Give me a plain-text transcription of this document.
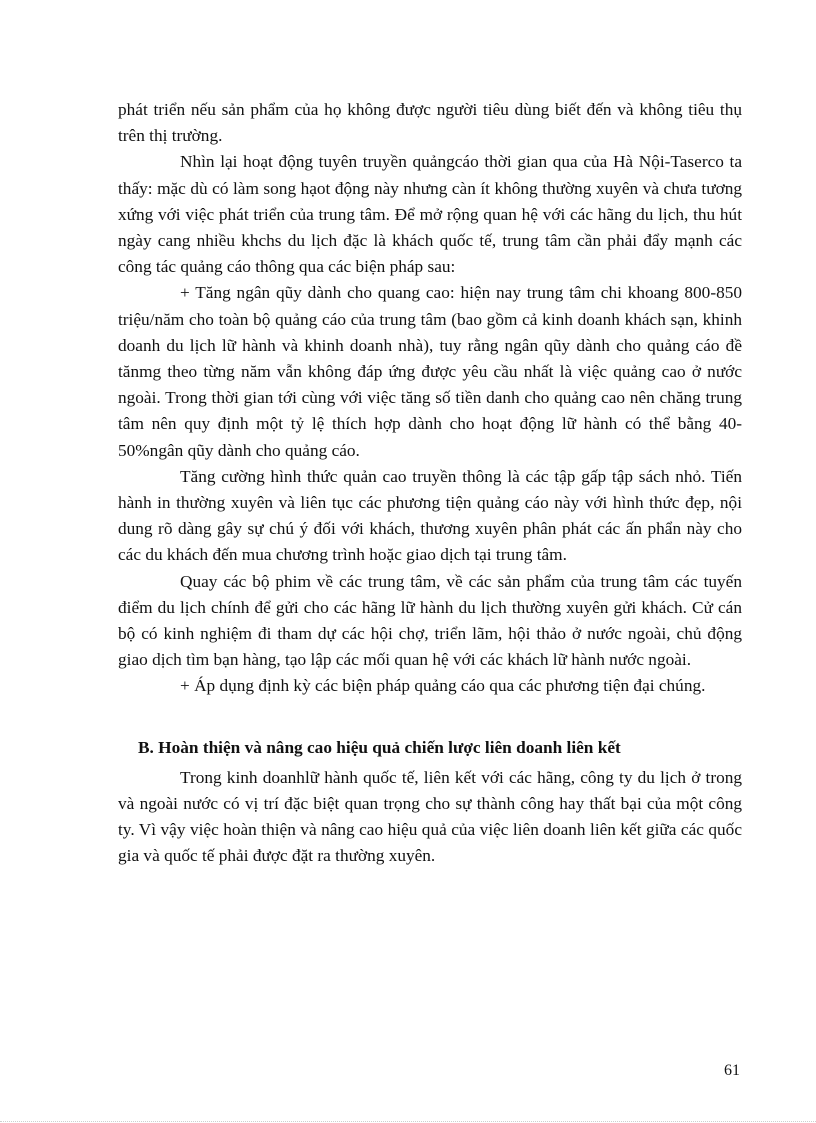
phát triển nếu sản phẩm của họ không được người tiêu dùng biết đến và không tiêu thụ trên thị trường.

Nhìn lại hoạt động tuyên truyền quảngcáo thời gian qua của Hà Nội-Taserco ta thấy: mặc dù có làm song hạot động này nhưng càn ít không thường xuyên và chưa tương xứng với việc phát triển của trung tâm. Để mở rộng quan hệ với các hãng du lịch, thu hút ngày cang nhiều khchs du lịch đặc là khách quốc tế, trung tâm cần phải đẩy mạnh các công tác quảng cáo thông qua các biện pháp sau:

+ Tăng ngân qũy dành cho quang cao: hiện nay trung tâm chi khoang 800-850 triệu/năm cho toàn bộ quảng cáo của trung tâm (bao gồm cả kinh doanh khách sạn, khinh doanh du lịch lữ hành và khinh doanh nhà), tuy rằng ngân qũy dành cho quảng cáo đề tănmg theo từng năm vẫn không đáp ứng được yêu cầu nhất là việc quảng cao ở nước ngoài. Trong thời gian tới cùng với việc tăng số tiền danh cho quảng cao nên chăng trung tâm nên quy định một tỷ lệ thích hợp dành cho hoạt động lữ hành có thể bằng 40-50%ngân qũy dành cho quảng cáo.

Tăng cường hình thức quản cao truyền thông là các tập gấp tập sách nhỏ. Tiến hành in thường xuyên và liên tục các phương tiện quảng cáo này với hình thức đẹp, nội dung rõ dàng gây sự chú ý đối với khách, thương xuyên phân phát các ấn phẩn này cho các du khách đến mua chương trình hoặc giao dịch tại trung tâm.

Quay các bộ phim về các trung tâm, về các sản phẩm của trung tâm các tuyến điểm du lịch chính để gửi cho các hãng lữ hành du lịch thường xuyên gửi khách. Cử cán bộ có kinh nghiệm đi tham dự các hội chợ, triển lãm, hội thảo ở nước ngoài, chủ động giao dịch tìm bạn hàng, tạo lập các mối quan hệ với các khách lữ hành nước ngoài.

+ Áp dụng định kỳ các biện pháp quảng cáo qua các phương tiện đại chúng.

B. Hoàn thiện và nâng cao hiệu quả chiến lược liên doanh liên kết

Trong kinh doanhlữ hành quốc tế, liên kết với các hãng, công ty du lịch ở trong và ngoài nước có vị trí đặc biệt quan trọng cho sự thành công hay thất bại của một công ty. Vì vậy việc hoàn thiện và nâng cao hiệu quả của việc liên doanh liên kết giữa các quốc gia và quốc tế phải được đặt ra thường xuyên.

61
